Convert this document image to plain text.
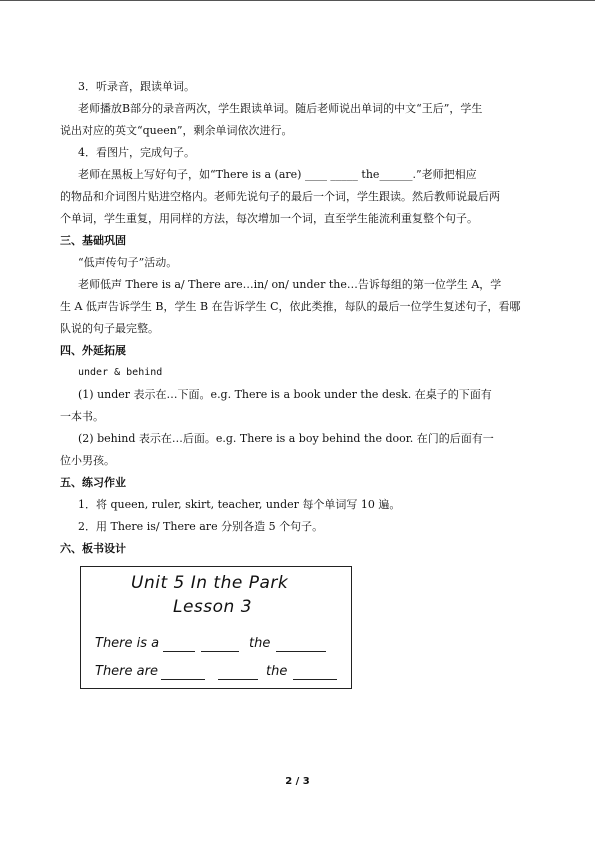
3．听录音，跟读单词。
老师播放B部分的录音两次，学生跟读单词。随后老师说出单词的中文“王后”，学生
说出对应的英文“queen”，剩余单词依次进行。
4．看图片，完成句子。
老师在黑板上写好句子，如“There is a (are) ____ _____ the______.”老师把相应
的物品和介词图片贴进空格内。老师先说句子的最后一个词，学生跟读。然后教师说最后两
个单词，学生重复，用同样的方法，每次增加一个词，直至学生能流利重复整个句子。
三、基础巩固
“低声传句子”活动。
老师低声 There is a/ There are…in/ on/ under the…告诉每组的第一位学生 A，学
生 A 低声告诉学生 B，学生 B 在告诉学生 C，依此类推，每队的最后一位学生复述句子，看哪
队说的句子最完整。
四、外延拓展
under & behind
(1) under 表示在…下面。e.g. There is a book under the desk. 在桌子的下面有
一本书。
(2) behind 表示在…后面。e.g. There is a boy behind the door. 在门的后面有一
位小男孩。
五、练习作业
1．将 queen, ruler, skirt, teacher, under 每个单词写 10 遍。
2．用 There is/ There are 分别各造 5 个句子。
六、板书设计
Unit 5 In the Park
Lesson 3
There is a	the
There are	the
2 / 3
